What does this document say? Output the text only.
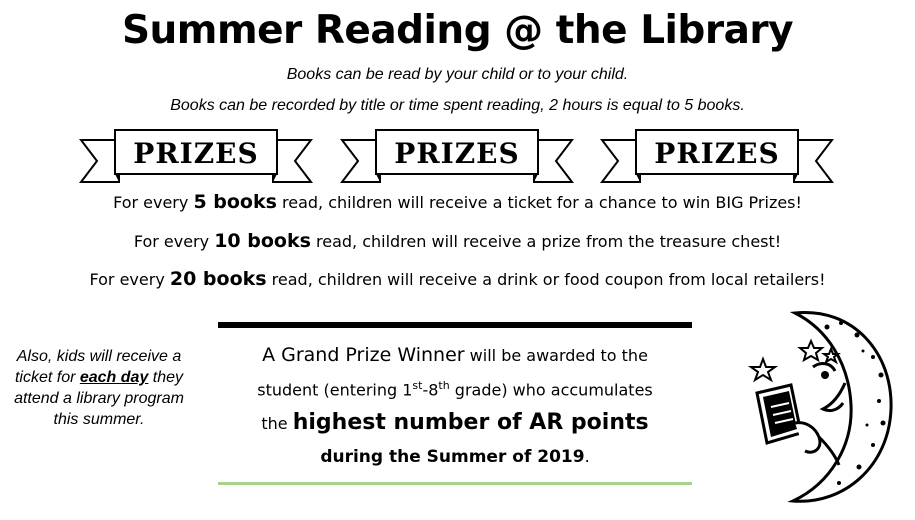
Summer Reading @ the Library
Books can be read by your child or to your child.
Books can be recorded by title or time spent reading, 2 hours is equal to 5 books.
PRIZES	PRIZES	PRIZES
For every 5 books read, children will receive a ticket for a chance to win BIG Prizes!
For every 10 books read, children will receive a prize from the treasure chest!
For every 20 books read, children will receive a drink or food coupon from local retailers!
Also, kids will receive a ticket for each day they attend a library program this summer.
A Grand Prize Winner will be awarded to the
student (entering 1st-8th grade) who accumulates
the highest number of AR points
during the Summer of 2019.
